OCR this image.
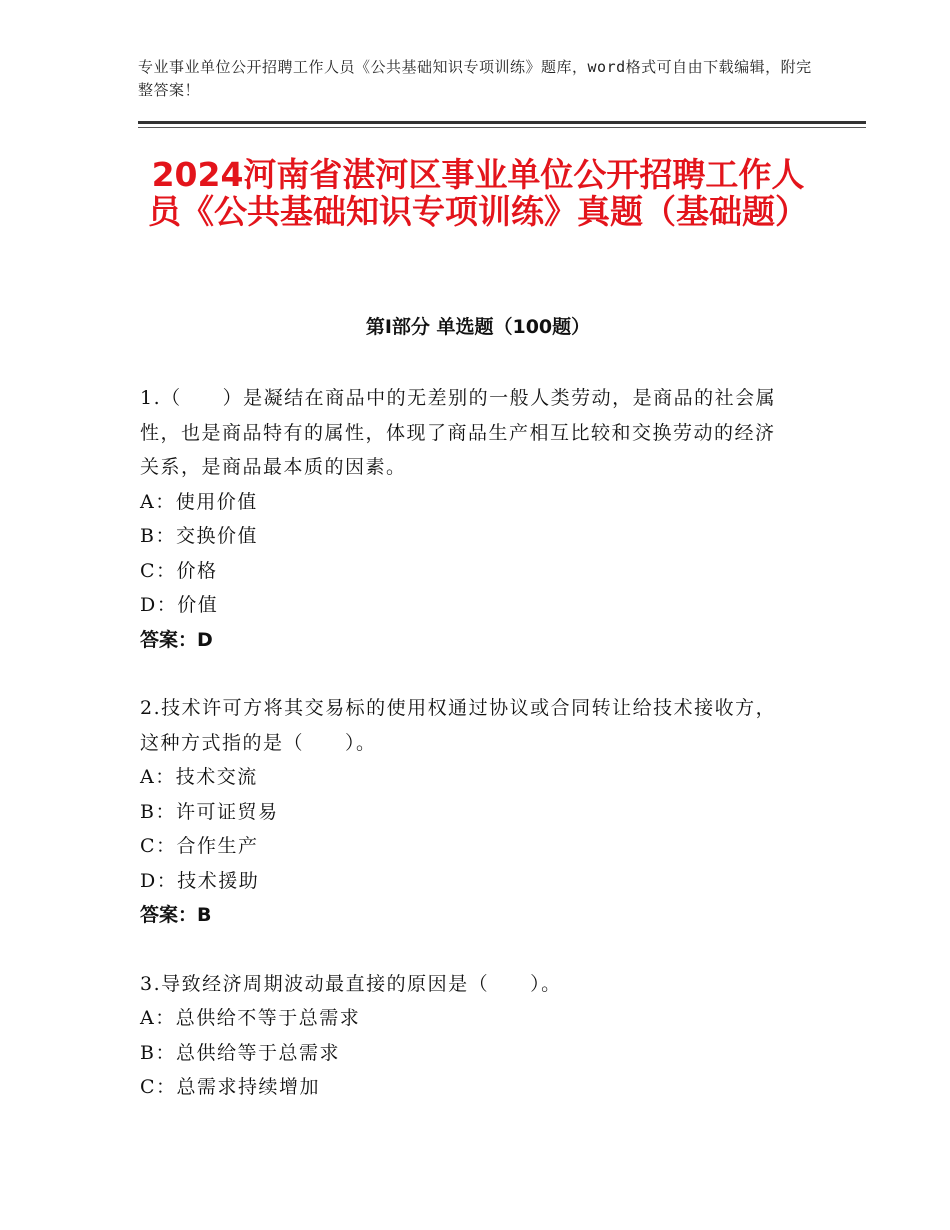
专业事业单位公开招聘工作人员《公共基础知识专项训练》题库，word格式可自由下载编辑，附完整答案！
2024河南省湛河区事业单位公开招聘工作人员《公共基础知识专项训练》真题（基础题）
第Ⅰ部分 单选题（100题）
1.（　　）是凝结在商品中的无差别的一般人类劳动，是商品的社会属性，也是商品特有的属性，体现了商品生产相互比较和交换劳动的经济关系，是商品最本质的因素。
A：使用价值
B：交换价值
C：价格
D：价值
答案：D
2.技术许可方将其交易标的使用权通过协议或合同转让给技术接收方，这种方式指的是（　　）。
A：技术交流
B：许可证贸易
C：合作生产
D：技术援助
答案：B
3.导致经济周期波动最直接的原因是（　　）。
A：总供给不等于总需求
B：总供给等于总需求
C：总需求持续增加
